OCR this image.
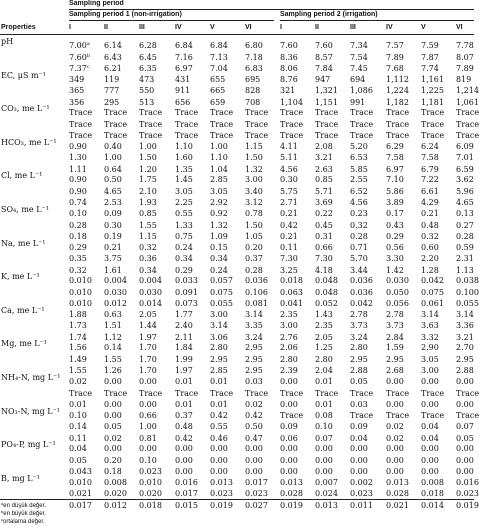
Sampling period
Properties
Sampling period 1 (non-irrigation)	Sampling period 2 (irrigation)
I	II	III	IV	V	VI	I	II	III	IV	V	VI
pH	7.00$^a$ 6.14 6.28 6.84 6.84 6.80 7.60 7.60 7.34 7.57 7.59 7.78
7.60$^b$ 6.43 6.45 7.16 7.13 7.18 8.36 8.57 7.54 7.89 7.87 8.07
7.37$^c$ 6.21 6.35 6.97 7.04 6.83 8.06 7.84 7.45 7.68 7.74 7.89
EC, μS m⁻¹	349 119 473	431 655 695 8.76 947 694	1,112 1,161 819
365 777 550	911 665 828 321 1,321 1,086 1,224 1,225 1,214
356 295 513	656 659 708 1,104 1,151 991	1,182 1,181 1,061
CO₃, me L⁻¹ Trace Trace Trace Trace Trace Trace Trace Trace Trace Trace Trace Trace
Trace Trace Trace Trace Trace Trace Trace Trace Trace Trace Trace Trace
Trace Trace Trace Trace Trace Trace Trace Trace Trace Trace Trace Trace
HCO₃, me L⁻¹ 0.90 0.40 1.00 1.10 1.00 1.15 4.11 2.08 5.20 6.29 6.24 6.09
1.30 1.00 1.50 1.60 1.10 1.50 5.11 3.21 6.53 7.58 7.58 7.01
1.11 0.64 1.20 1.35 1.04 1.32 4.56 2.63 5.85 6.97 6.79 6.59
Cl, me L⁻¹	0.90 0.50 1.75 1.45 2.85 3.00 0.30 0.85 2.55 7.10 7.22 3.62
0.90 4.65 2.10 3.05 3.05 3.40 5.75 5.71 6.52 5.86 6.61 5.96
0.74 2.53 1.93 2.25 2.92 3.12 2.71 3.69 4.56 3.89 4.29 4.65
SO₄, me L⁻¹	0.10 0.09 0.85 0.55 0.92 0.78 0.21 0.22 0.23 0.17 0.21 0.13
0.28 0.30 1.55 1.33 1.32 1.50 0.42 0.45 0.32 0.43 0.48 0.27
0.18 0.19 1.15 0.75 1.09 1.05 0.21 0.31 0.28 0.29 0.32 0.28
Na, me L⁻¹	0.29 0.21 0.32 0.24 0.15 0.20 0.11 0.66 0.71 0.56 0.60 0.59
0.35 3.75 0.36 0.34 0.34 0.37 7.30 7.30 5.70 3.30 2.20 2.31
0.32 1.61 0.34 0.29 0.24 0.28 3.25 4.18 3.44 1.42 1.28 1.13
K, me L⁻¹	0.010 0.004 0.004 0.033 0.057 0.036 0.018 0.048 0.036 0.030 0.042 0.038
0.010 0.030 0.030 0.091 0.075 0.106 0.063 0.048 0.036 0.050 0.075 0.100
0.010 0.012 0.014 0.073 0.055 0.081 0.041 0.052 0.042 0.056 0.061 0.055
Ca, me L⁻¹	1.88 0.63 2.05 1.77 3.00 3.14 2.35 1.43 2.78 2.78 3.14 3.14
1.73 1.51 1.44 2.40 3.14 3.35 3.00 2.35 3.73 3.73 3.63 3.36
1.74 1.12 1.97 2.11 3.06 3.24 2.76 2.05 3.24 2.84 3.32 3.21
Mg, me L⁻¹	1.56 0.14 1.70 1.84 2.80 2.95 2.06 1.25 2.80 1.59 2.90 2.70
1.49 1.55 1.70 1.99 2.95 2.95 2.80 2.80 2.95 2.95 3.05 2.95
1.55 1.26 1.70 1.97 2.85 2.95 2.39 2.04 2.88 2.68 3.00 2.88
NH₄-N, mg L⁻¹ 0.02 0.00 0.00 0.01 0.01 0.03 0.00 0.01 0.05 0.00 0.00 0.00
Trace Trace Trace Trace Trace Trace Trace Trace Trace Trace Trace Trace
0.01 0.00 0.00 0.01 0.01 0.02 0.00 0.01 0.03 0.00 0.00 0.00
NO₃-N, mg L⁻¹ 0.10 0.00 0.66 0.37 0.42 0.42 Trace 0.08 Trace Trace Trace Trace
0.14 0.05 1.00 0.48 0.55 0.50 0.09 0.10 0.09 0.02 0.04 0.07
0.11 0.02 0.81 0.42 0.46 0.47 0.06 0.07 0.04 0.02 0.04 0.05
PO₄-P, mg L⁻¹ 0.04 0.00 0.00 0.00 0.00 0.00 0.00 0.00 0.00 0.00 0.00 0.00
0.05 0.20 0.10 0.00 0.00 0.00 0.00 0.00 0.00 0.00 0.00 0.00
0.043 0.18 0.023 0.00 0.00 0.00 0.00 0.00 0.00 0.00 0.00 0.00
B, mg L⁻¹	0.010 0.008 0.010 0.016 0.013 0.017 0.013 0.007 0.002 0.013 0.008 0.016
0.021 0.020 0.020 0.017 0.023 0.023 0.028 0.024 0.023 0.028 0.018 0.023
0.017 0.012 0.018 0.015 0.019 0.027 0.019 0.013 0.011 0.021 0.014 0.019
$^a$en düşük değer.
$^b$en büyük değer.
$^c$ortalama değer.
